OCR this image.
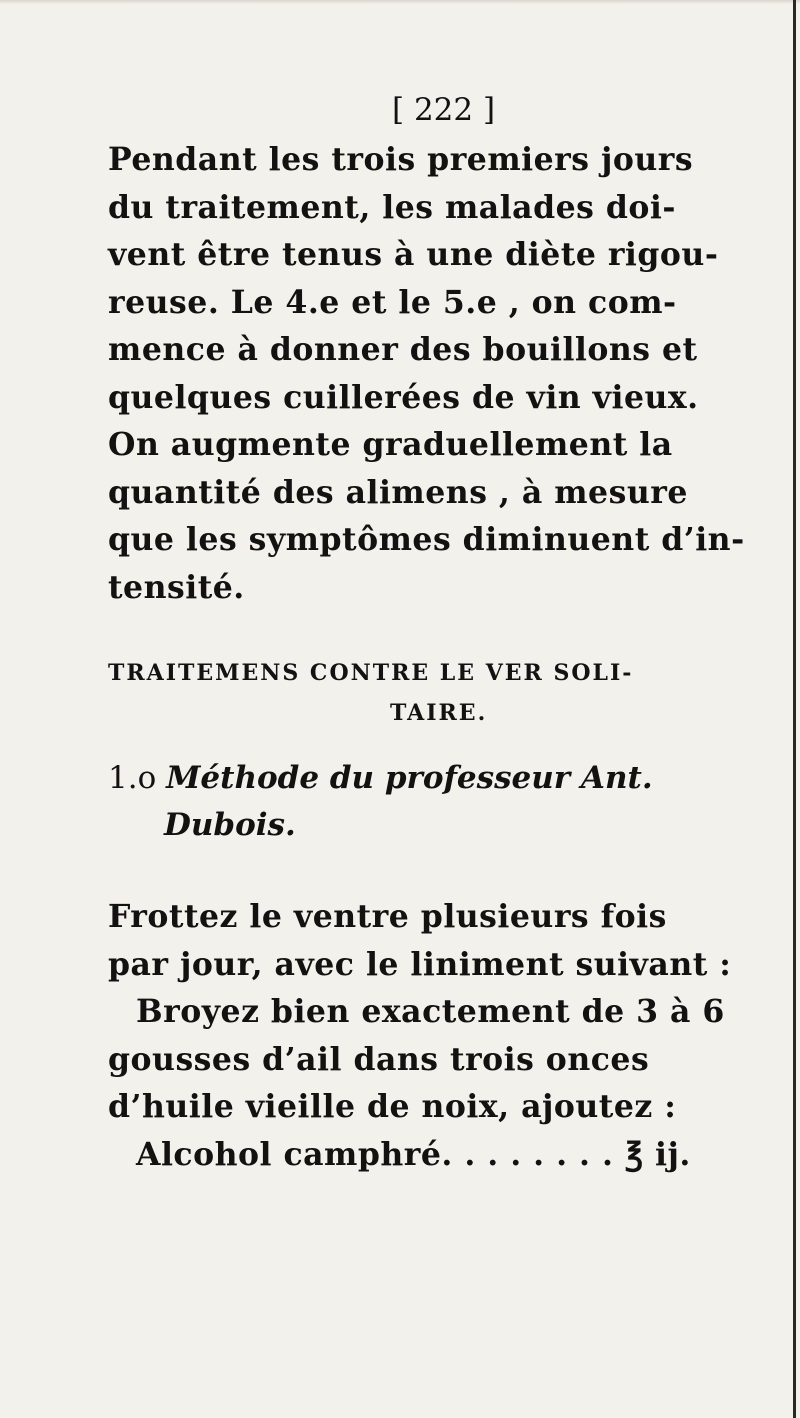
[ 222 ]
Pendant les trois premiers jours
du traitement, les malades doi-
vent être tenus à une diète rigou-
reuse. Le 4.e et le 5.e , on com-
mence à donner des bouillons et
quelques cuillerées de vin vieux.
On augmente graduellement la
quantité des alimens , à mesure
que les symptômes diminuent d’in-
tensité.
TRAITEMENS CONTRE LE VER SOLI-
TAIRE.
1.o Méthode du professeur Ant.
Dubois.
Frottez le ventre plusieurs fois
par jour, avec le liniment suivant :
Broyez bien exactement de 3 à 6
gousses d’ail dans trois onces
d’huile vieille de noix, ajoutez :
Alcohol camphré. . . . . . . . ℥ ij.
